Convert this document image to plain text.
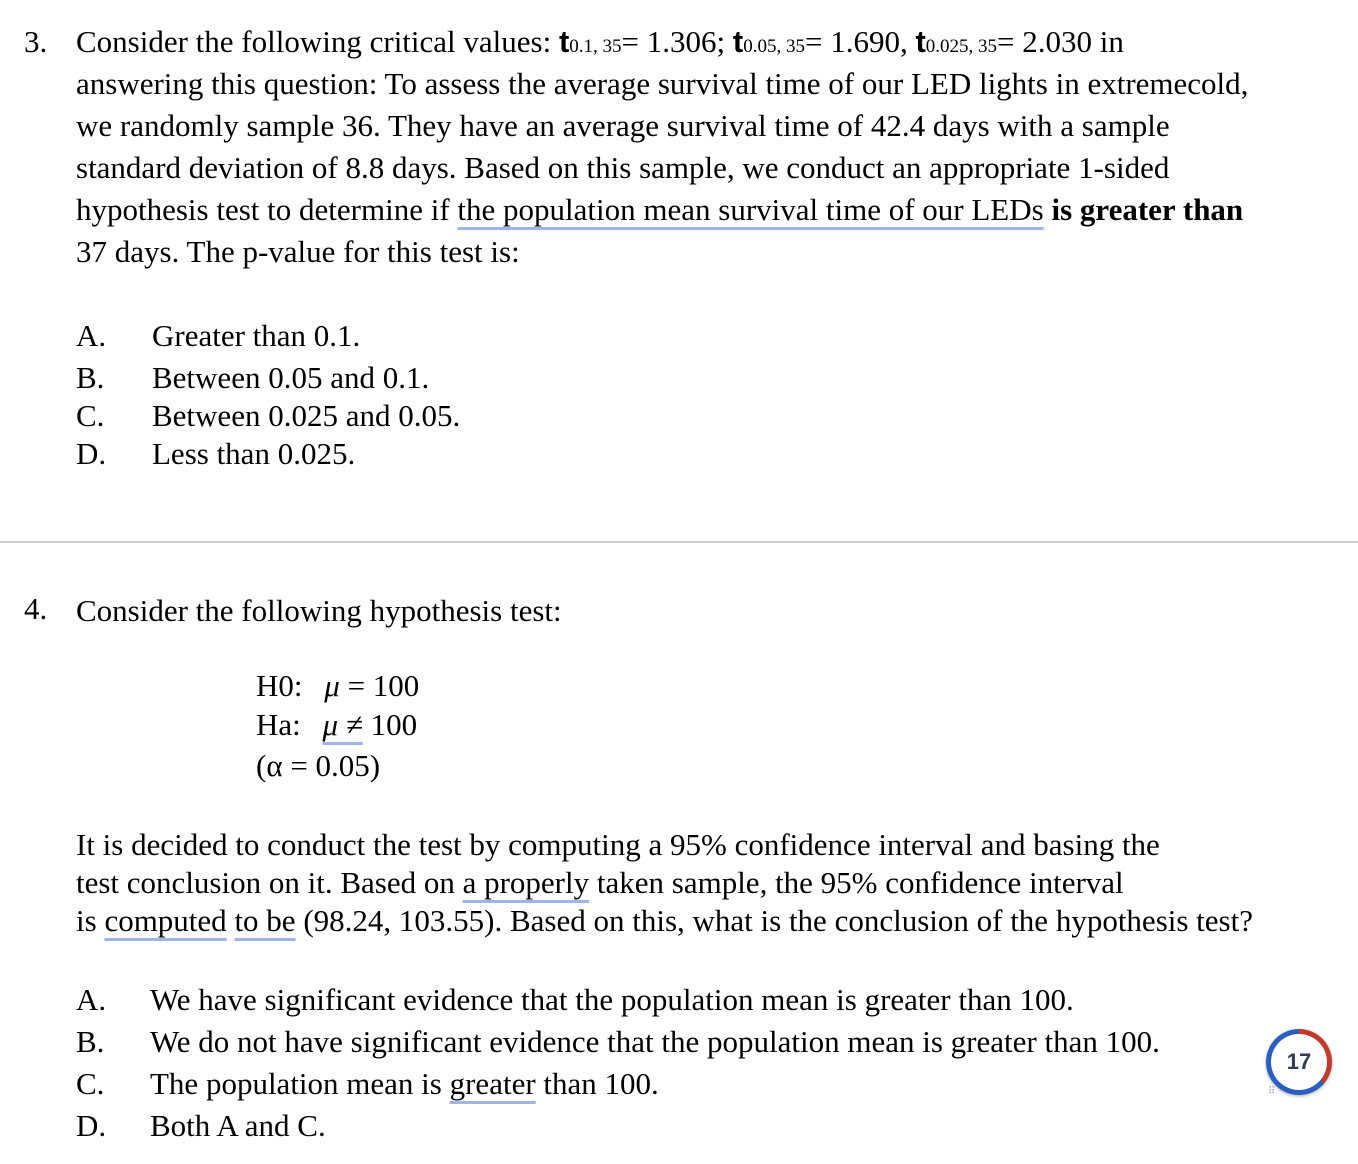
3. Consider the following critical values: t0.1, 35= 1.306; t0.05, 35= 1.690, t0.025, 35= 2.030 in
answering this question: To assess the average survival time of our LED lights in extremecold,
we randomly sample 36. They have an average survival time of 42.4 days with a sample
standard deviation of 8.8 days. Based on this sample, we conduct an appropriate 1-sided
hypothesis test to determine if the population mean survival time of our LEDs is greater than
37 days. The p-value for this test is:
A. Greater than 0.1.
B. Between 0.05 and 0.1.
C. Between 0.025 and 0.05.
D. Less than 0.025.
4. Consider the following hypothesis test:
H0: μ = 100
Ha: μ ≠ 100
(α = 0.05)
It is decided to conduct the test by computing a 95% confidence interval and basing the
test conclusion on it. Based on a properly taken sample, the 95% confidence interval
is computed to be (98.24, 103.55). Based on this, what is the conclusion of the hypothesis test?
A. We have significant evidence that the population mean is greater than 100.
B. We do not have significant evidence that the population mean is greater than 100.
C. The population mean is greater than 100.
D. Both A and C.
17
⠿
